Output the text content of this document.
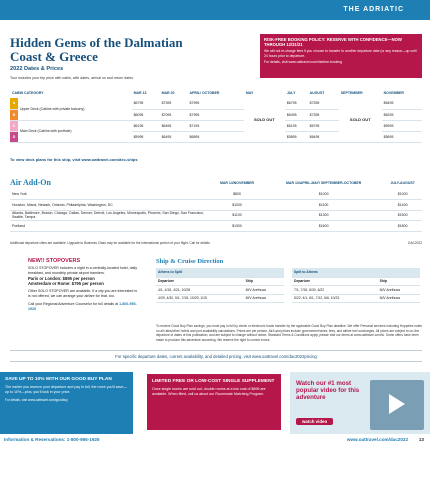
THE ADRIATIC
Hidden Gems of the Dalmatian
Coast & Greece
2022 Dates & Prices
Tour includes your trip price with cabin, with dates, arrival on and return dates
RISK-FREE BOOKING POLICY: RESERVE WITH CONFIDENCE—NOW THROUGH 12/31/21
We will not re-charge fees if you choose to transfer to another departure date (or any reason—up until 24 hours prior to departure.
For details, visit www.oattravel.com/riskfree-booking
CABIN CATEGORY		MAR 13	MAR 20	APRIL/ OCTOBER	MAY	JULY	AUGUST	SEPTEMBER	NOVEMBER
A	Upper Deck (Cabins with private balcony)	$6795	$7395	$7995	SOLD OUT	$6795	$7395	SOLD OUT	$6495
B		$6095	$7095	$7995		$6495	$7395		$6295
C	Main Deck (Cabins with porthole)	$6195	$6495	$7195		$6195	$6795		$5995
D		$5995	$6495	$6895		$5895	$6495		$5695
To view deck plans for this ship, visit www.oattravel.com/dec-ships
Air Add-On	MAR 13/NOVEMBER	MAR 13/APRIL-MAY/ SEPTEMBER-OCTOBER	JULY-AUGUST
New York	$800	$1000	$1000
Houston, Miami, Newark, Orlando, Philadelphia, Washington, DC	$1000	$1100	$1400
Atlanta, Baltimore, Boston, Chicago, Dallas, Denver, Detroit, Los Angeles, Minneapolis, Phoenix, San Diego, San Francisco, Seattle, Tampa	$1100	$1300	$1500
Portland	$1300	$1600	$1800
Additional departure cities are available. Upgrade to Business Class may be available for the international portion of your flight. Call for details.	DAC2022
NEW!! STOPOVERS
SOLO STOPOVER includes a night in a centrally-located hotel, daily breakfast, and roundtrip private airport transfers.
Paris or London: $895 per person
Amsterdam or Rome: $795 per person
Other SOLO STOPOVER are available. If a city you are interested in is not offered, we can arrange your airfare for that, too.
Call your Regional Adventure Counselor for full details at 1-800-955-1925
Ship & Cruise Direction
Athens to Split	
Departure	Ship
4/1, 4/15, 4/21, 10/28	M/V Arethusa
4/29, 4/30, 5/1, 7/15, 10/29, 11/5	M/V Arethusa
Split to Athens	
Departure	Ship
7/1, 7/15, 6/30, 6/22	M/V Arethusa
5/22, 4/1, 6/1, 7/12, 6/6, 10/23	M/V Arethusa
To receive Good Buy Plan savings, you must pay in full by check or electronic funds transfer by the applicable Good Buy Plan deadline. We offer Personal services including Hoppeles notes on all rates/other hotels and port availability calculations. Prices are per person. Air/Land prices include government taxes, fees, and airline fuel surcharges. All prices are subject to on-line departure of dates of this publication, and are subject to change without notice. Standard Terms & Conditions apply, please visit our terms at www.oattravel.com/tc. Some offers have been made to produce this adventure according. We reserve the right to correct errors.
For specific departure dates, current availability, and detailed pricing, visit www.oattravel.com/dac2022pricing
SAVE UP TO 10% WITH OUR GOOD BUY PLAN
The earlier you reserve your departure and pay in full, the more you'll save—up to 10%—plus, you'll lock in your price.
For details, visit www.oattravel.com/goodbuy
LIMITED FREE OR LOW-COST SINGLE SUPPLEMENT
Once single rooms are sold out, double rooms at a low cost of $695 are available. When filled, call us about our Roommate Matching Program.
Watch our #1 most popular video for this adventure
watch video
Information & Reservations: 1-800-955-1925	www.oattravel.com/dac2022 13
